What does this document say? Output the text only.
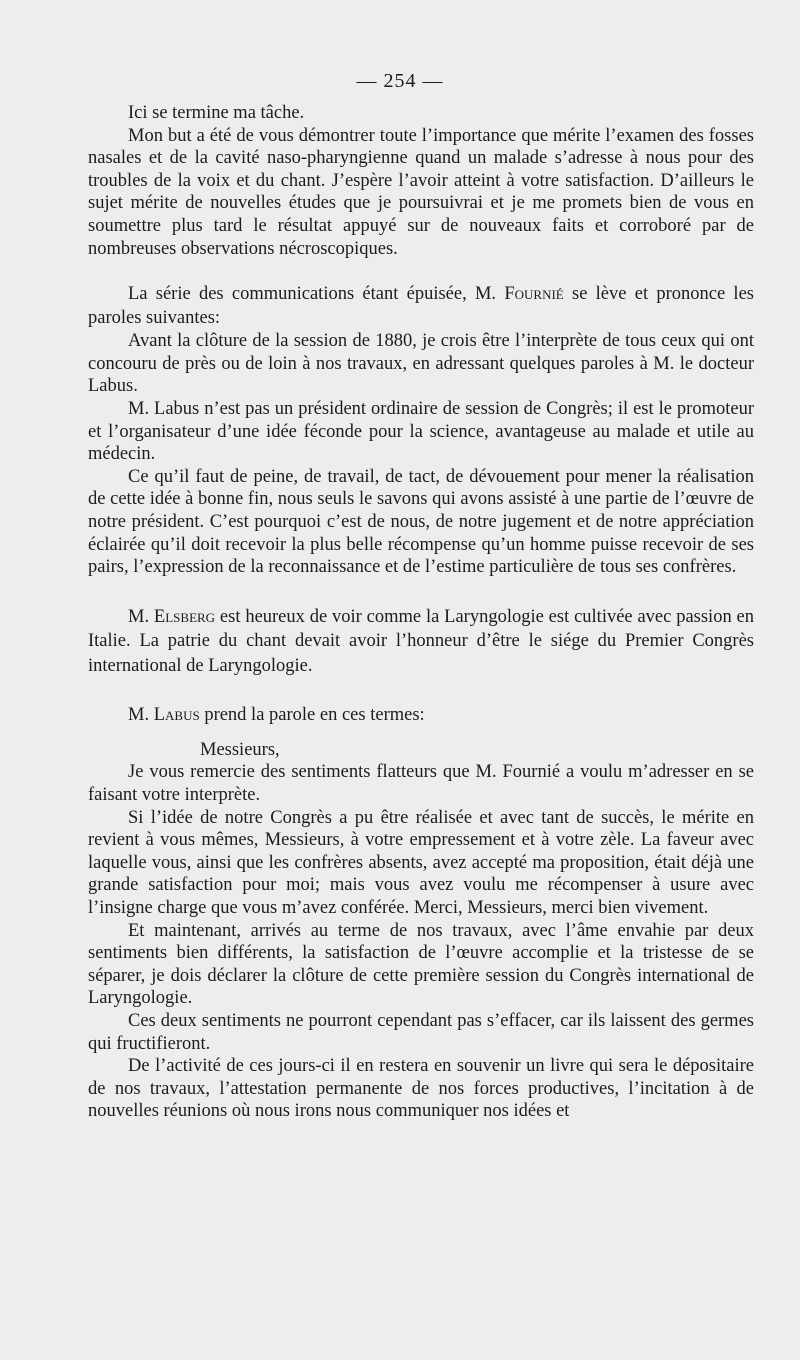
— 254 —

Ici se termine ma tâche.

Mon but a été de vous démontrer toute l’importance que mérite l’examen des fosses nasales et de la cavité naso-pharyngienne quand un malade s’adresse à nous pour des troubles de la voix et du chant. J’espère l’avoir atteint à votre satisfaction. D’ailleurs le sujet mérite de nouvelles études que je poursuivrai et je me promets bien de vous en soumettre plus tard le résultat appuyé sur de nouveaux faits et corroboré par de nombreuses observations nécroscopiques.

La série des communications étant épuisée, M. Fournié se lève et prononce les paroles suivantes:

Avant la clôture de la session de 1880, je crois être l’interprète de tous ceux qui ont concouru de près ou de loin à nos travaux, en adressant quelques paroles à M. le docteur Labus.

M. Labus n’est pas un président ordinaire de session de Congrès; il est le promoteur et l’organisateur d’une idée féconde pour la science, avantageuse au malade et utile au médecin.

Ce qu’il faut de peine, de travail, de tact, de dévouement pour mener la réalisation de cette idée à bonne fin, nous seuls le savons qui avons assisté à une partie de l’œuvre de notre président. C’est pourquoi c’est de nous, de notre jugement et de notre appréciation éclairée qu’il doit recevoir la plus belle récompense qu’un homme puisse recevoir de ses pairs, l’expression de la reconnaissance et de l’estime particulière de tous ses confrères.

M. Elsberg est heureux de voir comme la Laryngologie est cultivée avec passion en Italie. La patrie du chant devait avoir l’honneur d’être le siége du Premier Congrès international de Laryngologie.

M. Labus prend la parole en ces termes:

Messieurs,

Je vous remercie des sentiments flatteurs que M. Fournié a voulu m’adresser en se faisant votre interprète.

Si l’idée de notre Congrès a pu être réalisée et avec tant de succès, le mérite en revient à vous mêmes, Messieurs, à votre empressement et à votre zèle. La faveur avec laquelle vous, ainsi que les confrères absents, avez accepté ma proposition, était déjà une grande satisfaction pour moi; mais vous avez voulu me récompenser à usure avec l’insigne charge que vous m’avez conférée. Merci, Messieurs, merci bien vivement.

Et maintenant, arrivés au terme de nos travaux, avec l’âme envahie par deux sentiments bien différents, la satisfaction de l’œuvre accomplie et la tristesse de se séparer, je dois déclarer la clôture de cette première session du Congrès international de Laryngologie.

Ces deux sentiments ne pourront cependant pas s’effacer, car ils laissent des germes qui fructifieront.

De l’activité de ces jours-ci il en restera en souvenir un livre qui sera le dépositaire de nos travaux, l’attestation permanente de nos forces productives, l’incitation à de nouvelles réunions où nous irons nous communiquer nos idées et
